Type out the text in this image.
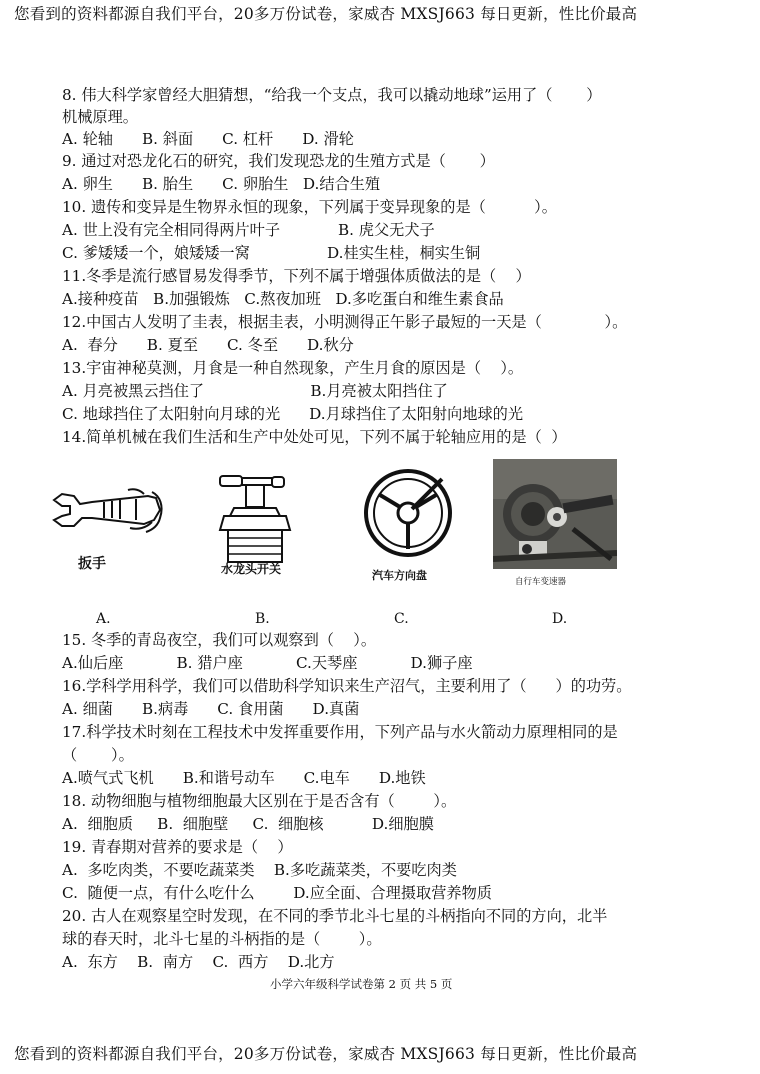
您看到的资料都源自我们平台，20多万份试卷，家威杏 MXSJ663 每日更新，性比价最高
8. 伟大科学家曾经大胆猜想，“给我一个支点，我可以撬动地球”运用了（       ）
机械原理。
A. 轮轴      B. 斜面      C. 杠杆      D. 滑轮
9. 通过对恐龙化石的研究，我们发现恐龙的生殖方式是（       ）
A. 卵生      B. 胎生      C. 卵胎生   D.结合生殖
10. 遗传和变异是生物界永恒的现象，下列属于变异现象的是（          ）。
A. 世上没有完全相同得两片叶子            B. 虎父无犬子
C. 爹矮矮一个，娘矮矮一窝                D.桂实生桂，桐实生铜
11.冬季是流行感冒易发得季节，下列不属于增强体质做法的是（    ）
A.接种疫苗   B.加强锻炼   C.熬夜加班   D.多吃蛋白和维生素食品
12.中国古人发明了圭表，根据圭表，小明测得正午影子最短的一天是（             ）。
A.  春分      B. 夏至      C. 冬至      D.秋分
13.宇宙神秘莫测，月食是一种自然现象，产生月食的原因是（    ）。
A. 月亮被黑云挡住了                      B.月亮被太阳挡住了
C. 地球挡住了太阳射向月球的光      D.月球挡住了太阳射向地球的光
14.简单机械在我们生活和生产中处处可见，下列不属于轮轴应用的是（  ）
扳手	水龙头开关	汽车方向盘	自行车变速器
A.	B.	C.	D.
15. 冬季的青岛夜空，我们可以观察到（    ）。
A.仙后座           B. 猎户座           C.天琴座           D.狮子座
16.学科学用科学，我们可以借助科学知识来生产沼气，主要利用了（      ）的功劳。
A. 细菌      B.病毒      C. 食用菌      D.真菌
17.科学技术时刻在工程技术中发挥重要作用，下列产品与水火箭动力原理相同的是
（       ）。
A.喷气式飞机      B.和谐号动车      C.电车      D.地铁
18. 动物细胞与植物细胞最大区别在于是否含有（        ）。
A.  细胞质     B.  细胞壁     C.  细胞核          D.细胞膜
19. 青春期对营养的要求是（    ）
A.  多吃肉类，不要吃蔬菜类    B.多吃蔬菜类，不要吃肉类
C.  随便一点，有什么吃什么        D.应全面、合理摄取营养物质
20. 古人在观察星空时发现，在不同的季节北斗七星的斗柄指向不同的方向，北半
球的春天时，北斗七星的斗柄指的是（        ）。
A.  东方    B.  南方    C.  西方    D.北方
小学六年级科学试卷第 2 页 共 5 页
您看到的资料都源自我们平台，20多万份试卷，家威杏 MXSJ663 每日更新，性比价最高
